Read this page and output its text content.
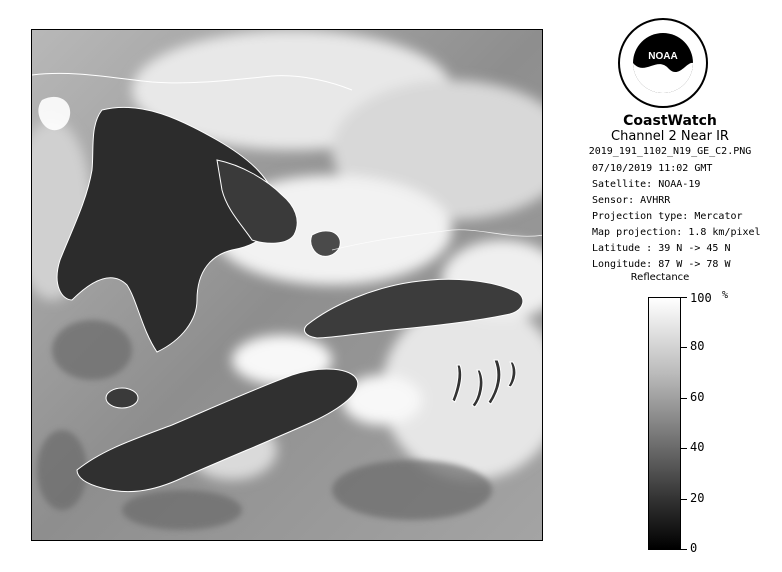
NOAA
CoastWatch
Channel 2 Near IR
2019_191_1102_N19_GE_C2.PNG
07/10/2019 11:02 GMT
Satellite: NOAA-19
Sensor: AVHRR
Projection type: Mercator
Map projection: 1.8 km/pixel
Latitude : 39 N -> 45 N
Longitude: 87 W -> 78 W
Reflectance
%
0
20
40
60
80
100
